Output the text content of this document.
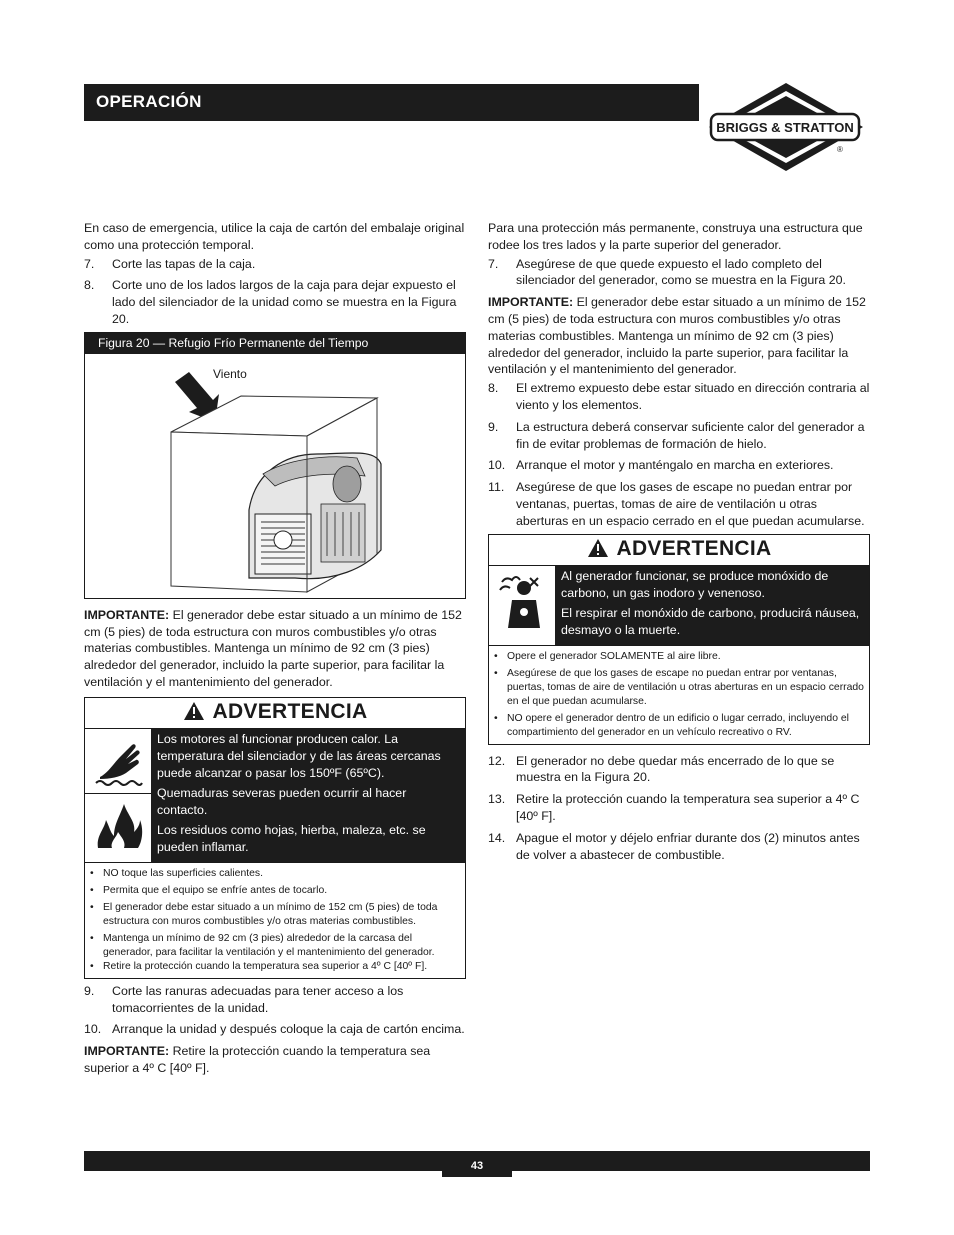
OPERACIÓN
BRIGGS & STRATTON
®

En caso de emergencia, utilice la caja de cartón del embalaje original como una protección temporal.

7.	Corte las tapas de la caja.
8.	Corte uno de los lados largos de la caja para dejar expuesto el lado del silenciador de la unidad como se muestra en la Figura 20.
Figura 20 — Refugio Frío Permanente del Tiempo
Viento

IMPORTANTE: El generador debe estar situado a un mínimo de 152 cm (5 pies) de toda estructura con muros combustibles y/o otras materias combustibles. Mantenga un mínimo de 92 cm (3 pies) alrededor del generador, incluido la parte superior, para facilitar la ventilación y el mantenimiento del generador.

ADVERTENCIA

Los motores al funcionar producen calor. La temperatura del silenciador y de las áreas cercanas puede alcanzar o pasar los 150ºF (65ºC).

Quemaduras severas pueden ocurrir al hacer contacto.

Los residuos como hojas, hierba, maleza, etc. se pueden inflamar.

• NO toque las superficies calientes.
• Permita que el equipo se enfríe antes de tocarlo.
• El generador debe estar situado a un mínimo de 152 cm (5 pies) de toda estructura con muros combustibles y/o otras materias combustibles.
• Mantenga un mínimo de 92 cm (3 pies) alrededor de la carcasa del generador, para facilitar la ventilación y el mantenimiento del generador.
• Retire la protección cuando la temperatura sea superior a 4º C [40º F].
9.	Corte las ranuras adecuadas para tener acceso a los tomacorrientes de la unidad.
10. Arranque la unidad y después coloque la caja de cartón encima.

IMPORTANTE: Retire la protección cuando la temperatura sea superior a 4º C [40º F].

Para una protección más permanente, construya una estructura que rodee los tres lados y la parte superior del generador.

7.	Asegúrese de que quede expuesto el lado completo del silenciador del generador, como se muestra en la Figura 20.

IMPORTANTE: El generador debe estar situado a un mínimo de 152 cm (5 pies) de toda estructura con muros combustibles y/o otras materias combustibles. Mantenga un mínimo de 92 cm (3 pies) alrededor del generador, incluido la parte superior, para facilitar la ventilación y el mantenimiento del generador.

8.	El extremo expuesto debe estar situado en dirección contraria al viento y los elementos.
9.	La estructura deberá conservar suficiente calor del generador a fin de evitar problemas de formación de hielo.
10. Arranque el motor y manténgalo en marcha en exteriores.
11. Asegúrese de que los gases de escape no puedan entrar por ventanas, puertas, tomas de aire de ventilación u otras aberturas en un espacio cerrado en el que puedan acumularse.
ADVERTENCIA

Al generador funcionar, se produce monóxido de carbono, un gas inodoro y venenoso.

El respirar el monóxido de carbono, producirá náusea, desmayo o la muerte.

• Opere el generador SOLAMENTE al aire libre.
• Asegúrese de que los gases de escape no puedan entrar por ventanas, puertas, tomas de aire de ventilación u otras aberturas en un espacio cerrado en el que puedan acumularse.
• NO opere el generador dentro de un edificio o lugar cerrado, incluyendo el compartimiento del generador en un vehículo recreativo o RV.
12. El generador no debe quedar más encerrado de lo que se muestra en la Figura 20.
13. Retire la protección cuando la temperatura sea superior a 4º C [40º F].
14. Apague el motor y déjelo enfriar durante dos (2) minutos antes de volver a abastecer de combustible.
43
